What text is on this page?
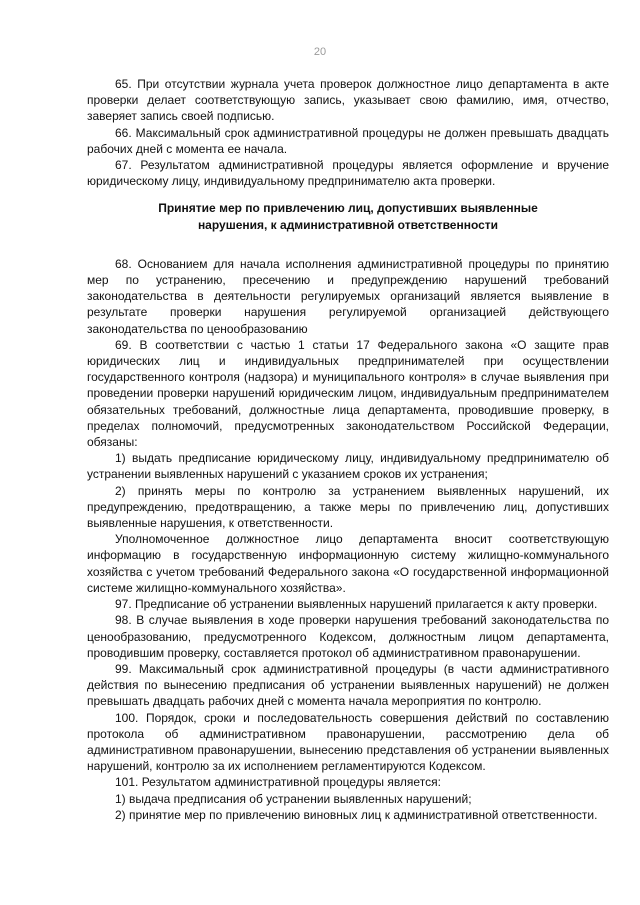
20

65. При отсутствии журнала учета проверок должностное лицо департамента в акте проверки делает соответствующую запись, указывает свою фамилию, имя, отчество, заверяет запись своей подписью.

66. Максимальный срок административной процедуры не должен превышать двадцать рабочих дней с момента ее начала.

67. Результатом административной процедуры является оформление и вручение юридическому лицу, индивидуальному предпринимателю акта проверки.

Принятие мер по привлечению лиц, допустивших выявленные нарушения, к административной ответственности

68. Основанием для начала исполнения административной процедуры по принятию мер по устранению, пресечению и предупреждению нарушений требований законодательства в деятельности регулируемых организаций является выявление в результате проверки нарушения регулируемой организацией действующего законодательства по ценообразованию

69. В соответствии с частью 1 статьи 17 Федерального закона «О защите прав юридических лиц и индивидуальных предпринимателей при осуществлении государственного контроля (надзора) и муниципального контроля» в случае выявления при проведении проверки нарушений юридическим лицом, индивидуальным предпринимателем обязательных требований, должностные лица департамента, проводившие проверку, в пределах полномочий, предусмотренных законодательством Российской Федерации, обязаны:

1) выдать предписание юридическому лицу, индивидуальному предпринимателю об устранении выявленных нарушений с указанием сроков их устранения;

2) принять меры по контролю за устранением выявленных нарушений, их предупреждению, предотвращению, а также меры по привлечению лиц, допустивших выявленные нарушения, к ответственности.

Уполномоченное должностное лицо департамента вносит соответствующую информацию в государственную информационную систему жилищно-коммунального хозяйства с учетом требований Федерального закона «О государственной информационной системе жилищно-коммунального хозяйства».

97. Предписание об устранении выявленных нарушений прилагается к акту проверки.

98. В случае выявления в ходе проверки нарушения требований законодательства по ценообразованию, предусмотренного Кодексом, должностным лицом департамента, проводившим проверку, составляется протокол об административном правонарушении.

99. Максимальный срок административной процедуры (в части административного действия по вынесению предписания об устранении выявленных нарушений) не должен превышать двадцать рабочих дней с момента начала мероприятия по контролю.

100. Порядок, сроки и последовательность совершения действий по составлению протокола об административном правонарушении, рассмотрению дела об административном правонарушении, вынесению представления об устранении выявленных нарушений, контролю за их исполнением регламентируются Кодексом.

101. Результатом административной процедуры является:

1) выдача предписания об устранении выявленных нарушений;

2) принятие мер по привлечению виновных лиц к административной ответственности.
